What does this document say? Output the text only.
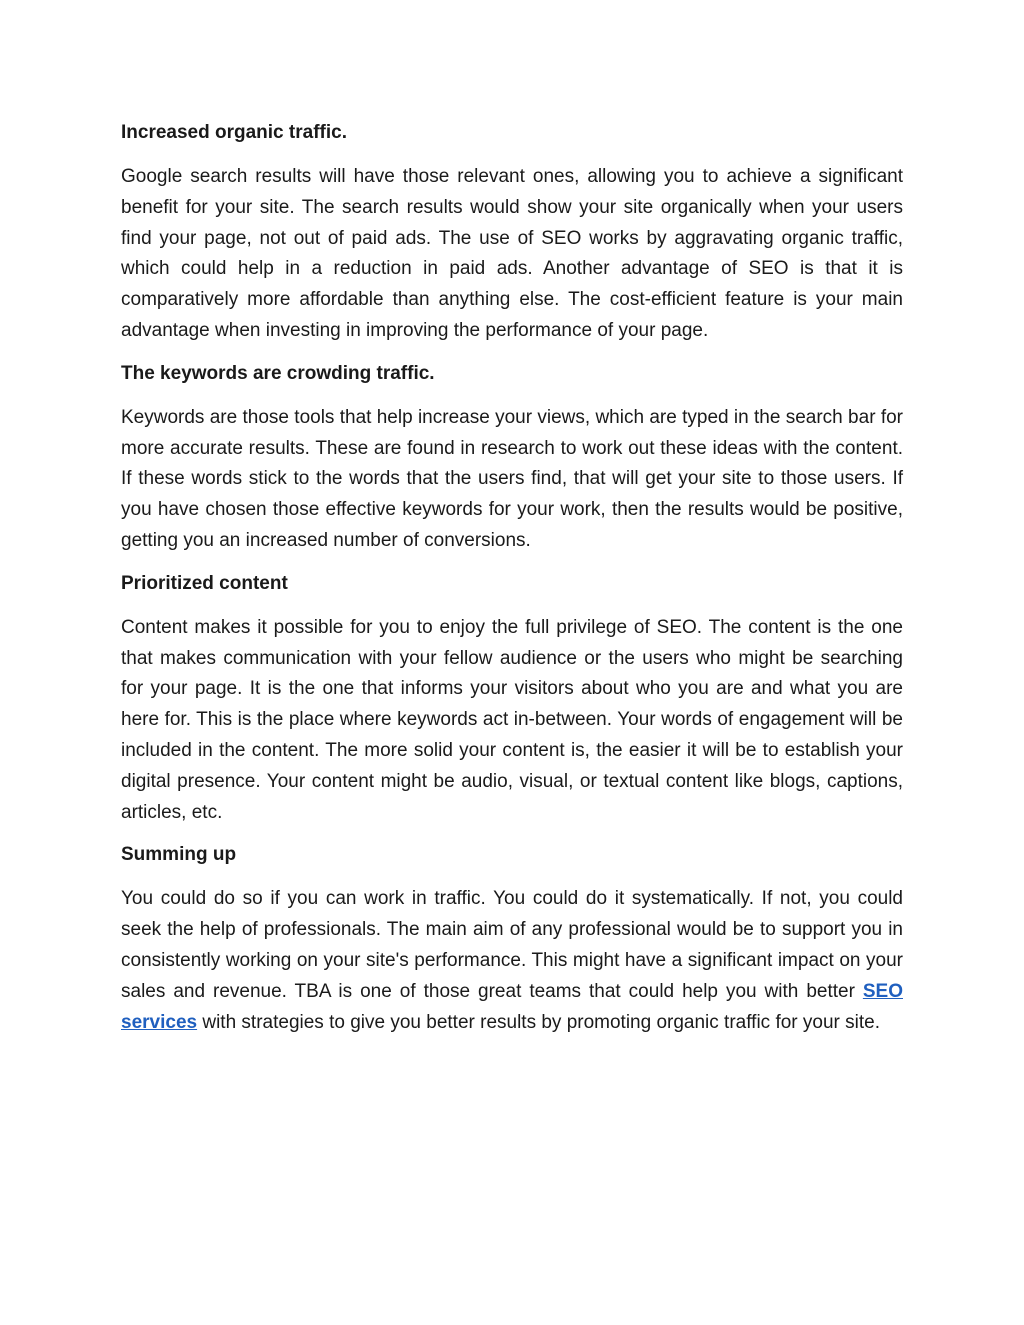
Increased organic traffic.

Google search results will have those relevant ones, allowing you to achieve a significant benefit for your site. The search results would show your site organically when your users find your page, not out of paid ads. The use of SEO works by aggravating organic traffic, which could help in a reduction in paid ads. Another advantage of SEO is that it is comparatively more affordable than anything else. The cost-efficient feature is your main advantage when investing in improving the performance of your page.

The keywords are crowding traffic.

Keywords are those tools that help increase your views, which are typed in the search bar for more accurate results. These are found in research to work out these ideas with the content. If these words stick to the words that the users find, that will get your site to those users. If you have chosen those effective keywords for your work, then the results would be positive, getting you an increased number of conversions.

Prioritized content

Content makes it possible for you to enjoy the full privilege of SEO. The content is the one that makes communication with your fellow audience or the users who might be searching for your page. It is the one that informs your visitors about who you are and what you are here for. This is the place where keywords act in-between. Your words of engagement will be included in the content. The more solid your content is, the easier it will be to establish your digital presence. Your content might be audio, visual, or textual content like blogs, captions, articles, etc.

Summing up

You could do so if you can work in traffic. You could do it systematically. If not, you could seek the help of professionals. The main aim of any professional would be to support you in consistently working on your site's performance. This might have a significant impact on your sales and revenue. TBA is one of those great teams that could help you with better SEO services with strategies to give you better results by promoting organic traffic for your site.
